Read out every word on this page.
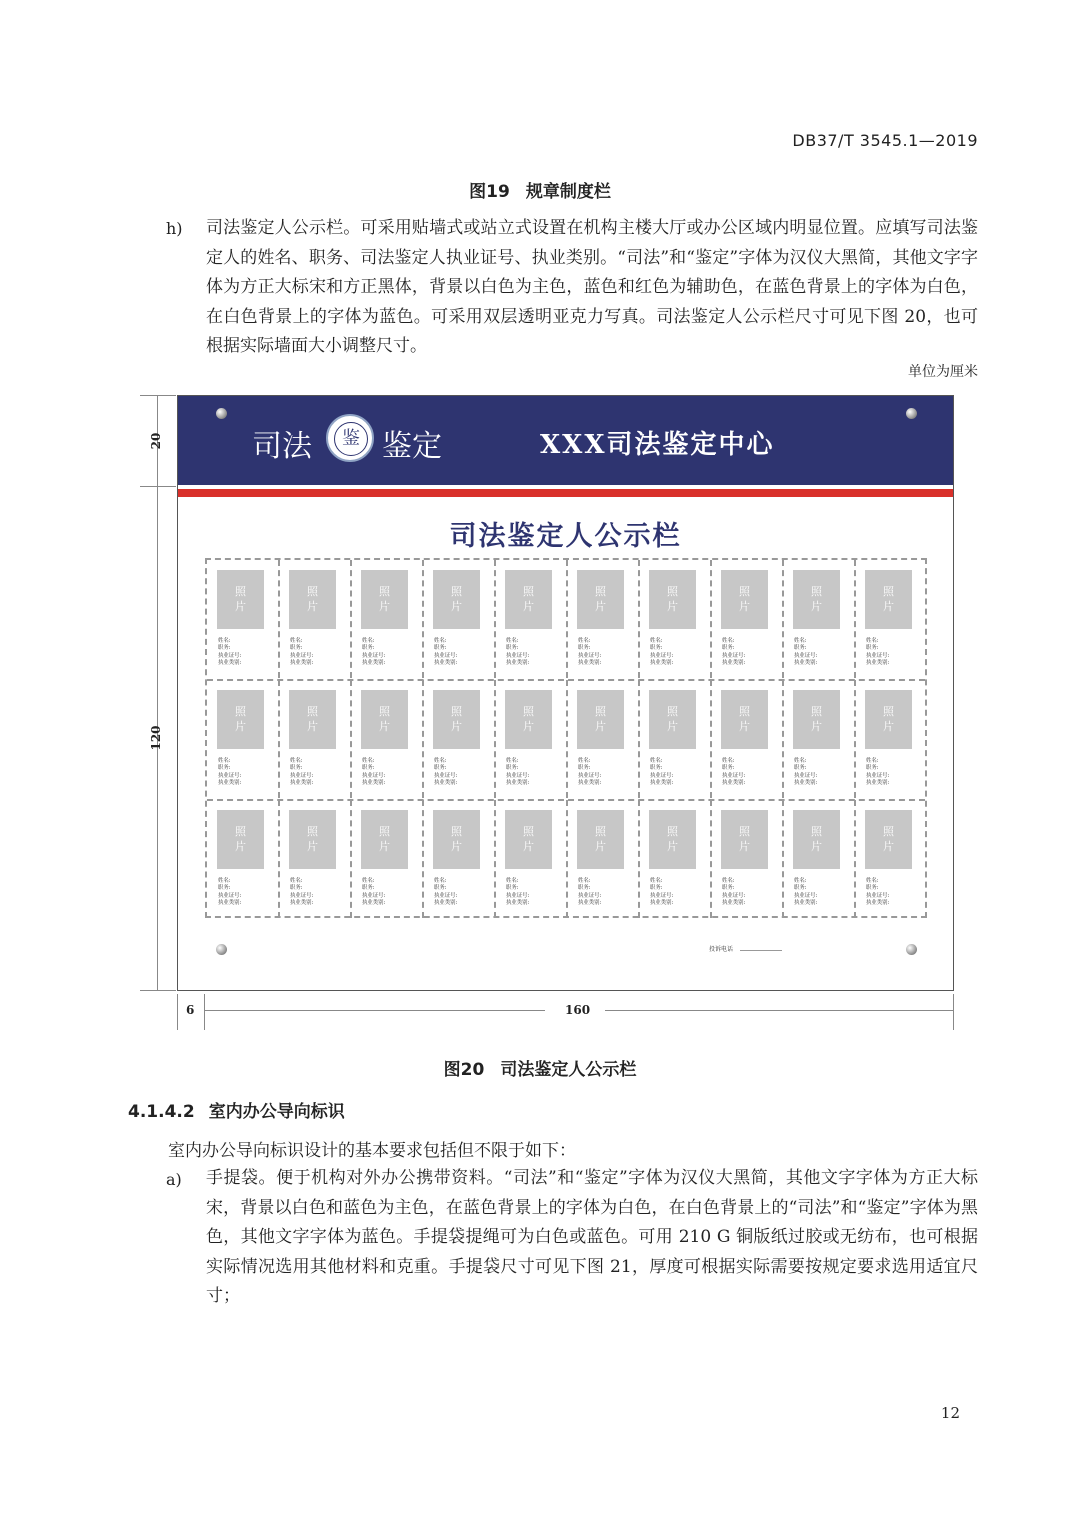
DB37/T 3545.1—2019
图19 规章制度栏
h) 司法鉴定人公示栏。可采用贴墙式或站立式设置在机构主楼大厅或办公区域内明显位置。应填写司法鉴定人的姓名、职务、司法鉴定人执业证号、执业类别。“司法”和“鉴定”字体为汉仪大黑简，其他文字字体为方正大标宋和方正黑体，背景以白色为主色，蓝色和红色为辅助色，在蓝色背景上的字体为白色，在白色背景上的字体为蓝色。可采用双层透明亚克力写真。司法鉴定人公示栏尺寸可见下图 20，也可根据实际墙面大小调整尺寸。
单位为厘米
20
120
6	160
司法	鉴 鉴定	XXX司法鉴定中心
司法鉴定人公示栏
照
片
姓名:
职务:
执业证号:
执业类别:
照
片
姓名:
职务:
执业证号:
执业类别:
照
片
姓名:
职务:
执业证号:
执业类别:
照
片
姓名:
职务:
执业证号:
执业类别:
照
片
姓名:
职务:
执业证号:
执业类别:
照
片
姓名:
职务:
执业证号:
执业类别:
照
片
姓名:
职务:
执业证号:
执业类别:
照
片
姓名:
职务:
执业证号:
执业类别:
照
片
姓名:
职务:
执业证号:
执业类别:
照
片
姓名:
职务:
执业证号:
执业类别:
照
片
姓名:
职务:
执业证号:
执业类别:
照
片
姓名:
职务:
执业证号:
执业类别:
照
片
姓名:
职务:
执业证号:
执业类别:
照
片
姓名:
职务:
执业证号:
执业类别:
照
片
姓名:
职务:
执业证号:
执业类别:
照
片
姓名:
职务:
执业证号:
执业类别:
照
片
姓名:
职务:
执业证号:
执业类别:
照
片
姓名:
职务:
执业证号:
执业类别:
照
片
姓名:
职务:
执业证号:
执业类别:
照
片
姓名:
职务:
执业证号:
执业类别:
照
片
姓名:
职务:
执业证号:
执业类别:
照
片
姓名:
职务:
执业证号:
执业类别:
照
片
姓名:
职务:
执业证号:
执业类别:
照
片
姓名:
职务:
执业证号:
执业类别:
照
片
姓名:
职务:
执业证号:
执业类别:
照
片
姓名:
职务:
执业证号:
执业类别:
照
片
姓名:
职务:
执业证号:
执业类别:
照
片
姓名:
职务:
执业证号:
执业类别:
照
片
姓名:
职务:
执业证号:
执业类别:
照
片
姓名:
职务:
执业证号:
执业类别:
投诉电话
图20 司法鉴定人公示栏
4.1.4.2 室内办公导向标识
室内办公导向标识设计的基本要求包括但不限于如下：
a) 手提袋。便于机构对外办公携带资料。“司法”和“鉴定”字体为汉仪大黑简，其他文字字体为方正大标宋，背景以白色和蓝色为主色，在蓝色背景上的字体为白色，在白色背景上的“司法”和“鉴定”字体为黑色，其他文字字体为蓝色。手提袋提绳可为白色或蓝色。可用 210 G 铜版纸过胶或无纺布，也可根据实际情况选用其他材料和克重。手提袋尺寸可见下图 21，厚度可根据实际需要按规定要求选用适宜尺寸；
12
